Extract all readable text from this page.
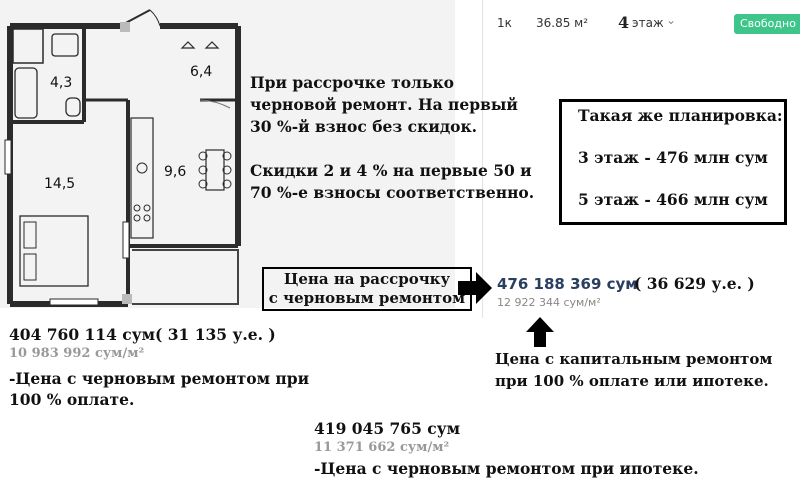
4,3
6,4
14,5
9,6
1к 36.85 м² 4 этаж ⌄	Свободно
При рассрочке только
черновой ремонт. На первый
30 %-й взнос без скидок.
Скидки 2 и 4 % на первые 50 и
70 %-е взносы соответственно.
Такая же планировка:
3 этаж - 476 млн сум
5 этаж - 466 млн сум
Цена на рассрочку
с черновым ремонтом
476 188 369 сум
( 36 629 у.е. )
12 922 344 сум/м²
Цена с капитальным ремонтом
при 100 % оплате или ипотеке.
404 760 114 сум ( 31 135 у.е. )
10 983 992 сум/м²
-Цена с черновым ремонтом при
100 % оплате.
419 045 765 сум
11 371 662 сум/м²
-Цена с черновым ремонтом при ипотеке.
